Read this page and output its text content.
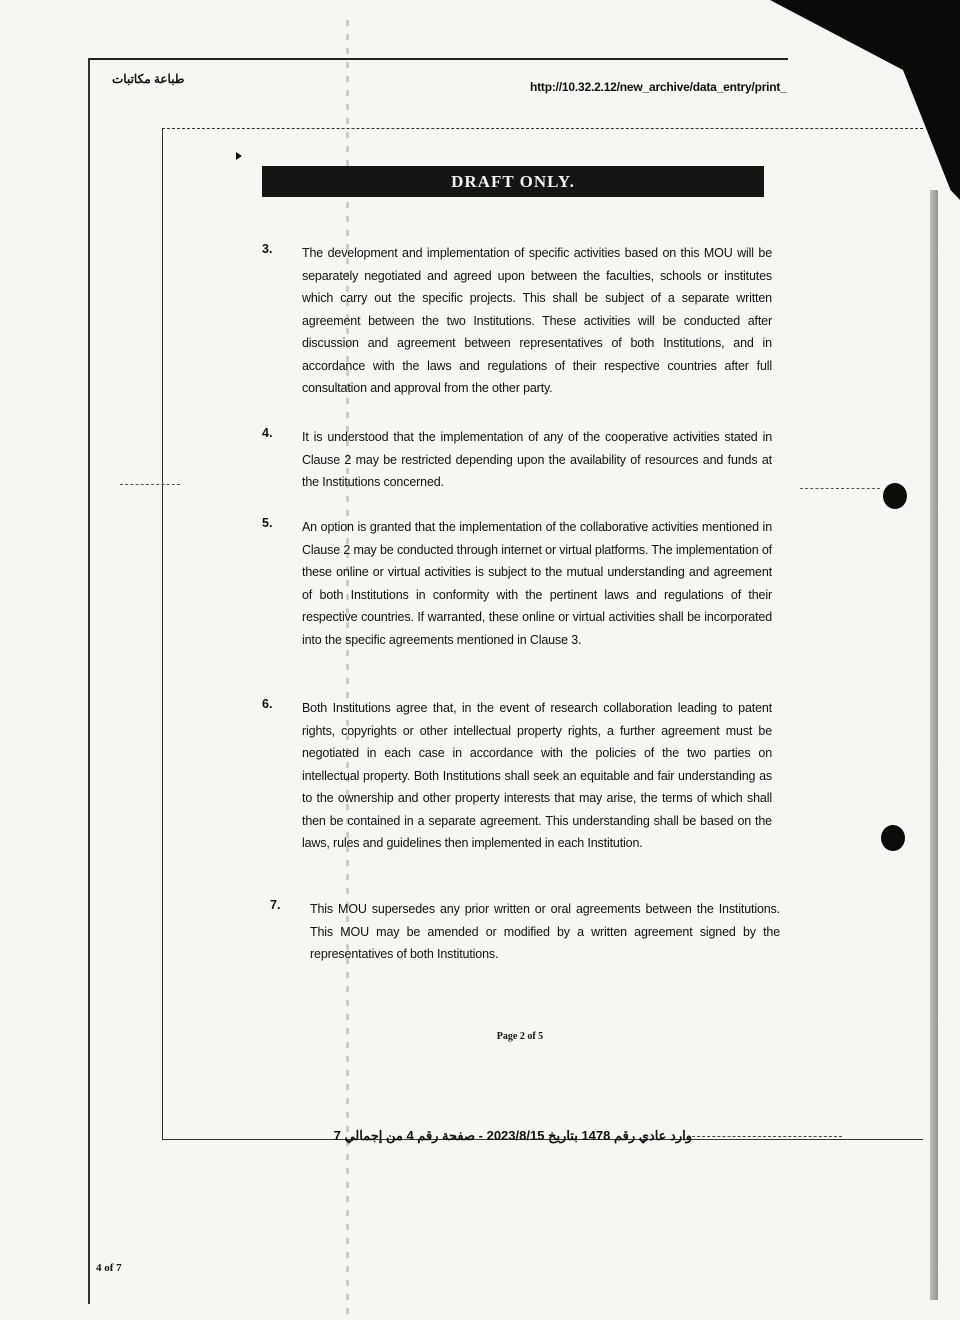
طباعة مكاتبات
http://10.32.2.12/new_archive/data_entry/print_
DRAFT ONLY.
3. The development and implementation of specific activities based on this MOU will be separately negotiated and agreed upon between the faculties, schools or institutes which carry out the specific projects. This shall be subject of a separate written agreement between the two Institutions. These activities will be conducted after discussion and agreement between representatives of both Institutions, and in accordance with the laws and regulations of their respective countries after full consultation and approval from the other party.
4. It is understood that the implementation of any of the cooperative activities stated in Clause 2 may be restricted depending upon the availability of resources and funds at the Institutions concerned.
5. An option is granted that the implementation of the collaborative activities mentioned in Clause 2 may be conducted through internet or virtual platforms. The implementation of these online or virtual activities is subject to the mutual understanding and agreement of both Institutions in conformity with the pertinent laws and regulations of their respective countries. If warranted, these online or virtual activities shall be incorporated into the specific agreements mentioned in Clause 3.
6. Both Institutions agree that, in the event of research collaboration leading to patent rights, copyrights or other intellectual property rights, a further agreement must be negotiated in each case in accordance with the policies of the two parties on intellectual property. Both Institutions shall seek an equitable and fair understanding as to the ownership and other property interests that may arise, the terms of which shall then be contained in a separate agreement. This understanding shall be based on the laws, rules and guidelines then implemented in each Institution.
7. This MOU supersedes any prior written or oral agreements between the Institutions. This MOU may be amended or modified by a written agreement signed by the representatives of both Institutions.
Page 2 of 5
وارد عادي رقم 1478 بتاريخ 2023/8/15 - صفحة رقم 4 من إجمالي 7
4 of 7
